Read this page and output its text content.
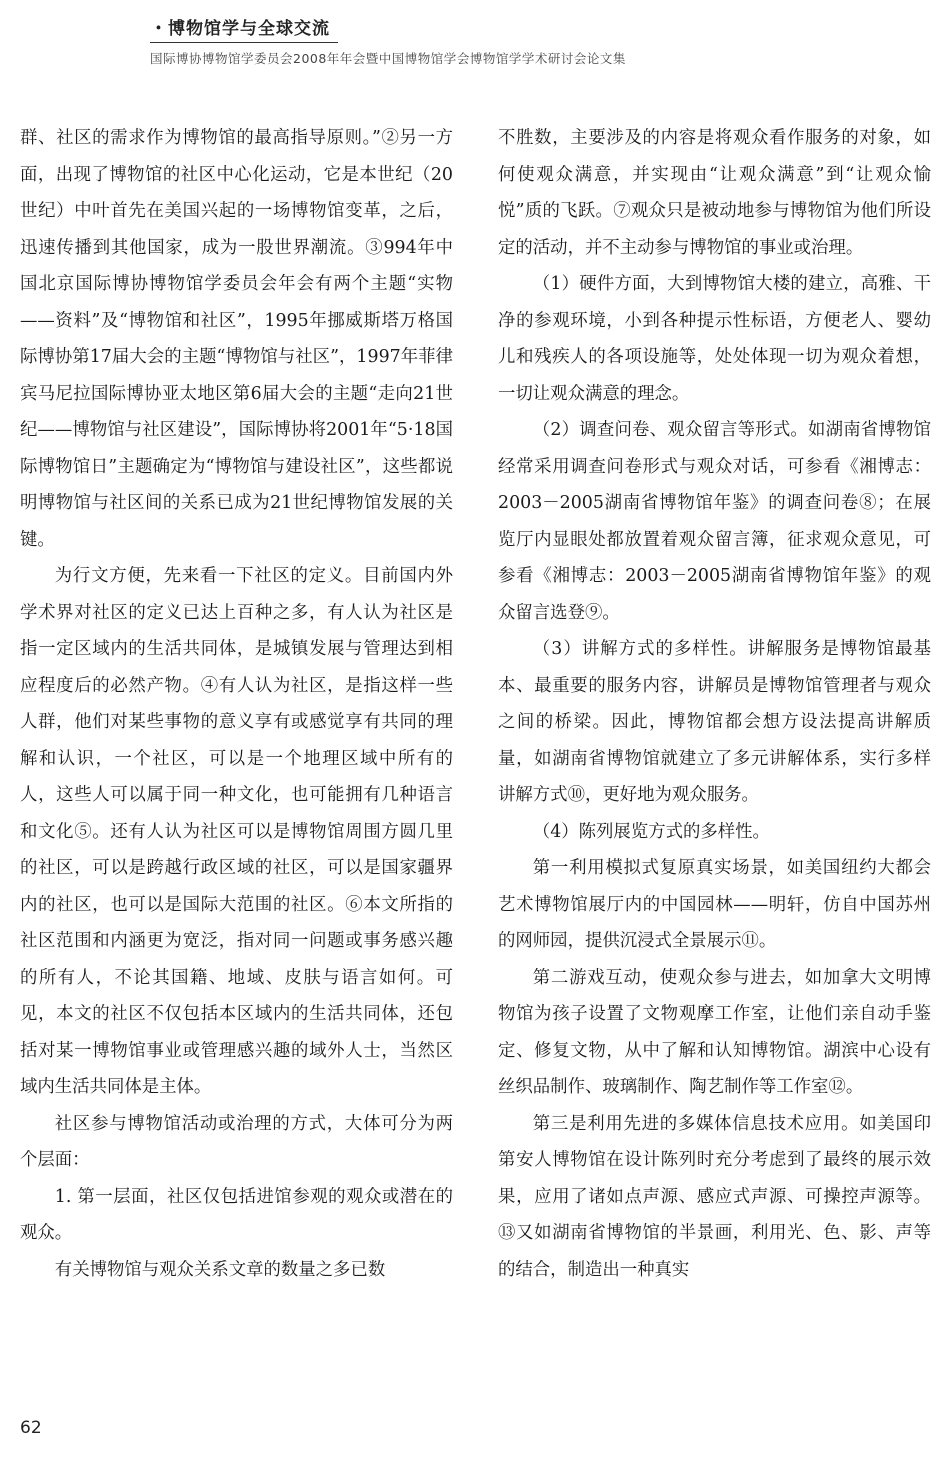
・博物馆学与全球交流
国际博协博物馆学委员会2008年年会暨中国博物馆学会博物馆学学术研讨会论文集

群、社区的需求作为博物馆的最高指导原则。”②另一方面，出现了博物馆的社区中心化运动，它是本世纪（20世纪）中叶首先在美国兴起的一场博物馆变革，之后，迅速传播到其他国家，成为一股世界潮流。③994年中国北京国际博协博物馆学委员会年会有两个主题“实物——资料”及“博物馆和社区”，1995年挪威斯塔万格国际博协第17届大会的主题“博物馆与社区”，1997年菲律宾马尼拉国际博协亚太地区第6届大会的主题“走向21世纪——博物馆与社区建设”，国际博协将2001年“5·18国际博物馆日”主题确定为“博物馆与建设社区”，这些都说明博物馆与社区间的关系已成为21世纪博物馆发展的关键。

为行文方便，先来看一下社区的定义。目前国内外学术界对社区的定义已达上百种之多，有人认为社区是指一定区域内的生活共同体，是城镇发展与管理达到相应程度后的必然产物。④有人认为社区，是指这样一些人群，他们对某些事物的意义享有或感觉享有共同的理解和认识，一个社区，可以是一个地理区域中所有的人，这些人可以属于同一种文化，也可能拥有几种语言和文化⑤。还有人认为社区可以是博物馆周围方圆几里的社区，可以是跨越行政区域的社区，可以是国家疆界内的社区，也可以是国际大范围的社区。⑥本文所指的社区范围和内涵更为宽泛，指对同一问题或事务感兴趣的所有人，不论其国籍、地域、皮肤与语言如何。可见，本文的社区不仅包括本区域内的生活共同体，还包括对某一博物馆事业或管理感兴趣的域外人士，当然区域内生活共同体是主体。

社区参与博物馆活动或治理的方式，大体可分为两个层面：

1. 第一层面，社区仅包括进馆参观的观众或潜在的观众。

有关博物馆与观众关系文章的数量之多已数

不胜数，主要涉及的内容是将观众看作服务的对象，如何使观众满意，并实现由“让观众满意”到“让观众愉悦”质的飞跃。⑦观众只是被动地参与博物馆为他们所设定的活动，并不主动参与博物馆的事业或治理。

（1）硬件方面，大到博物馆大楼的建立，高雅、干净的参观环境，小到各种提示性标语，方便老人、婴幼儿和残疾人的各项设施等，处处体现一切为观众着想，一切让观众满意的理念。

（2）调查问卷、观众留言等形式。如湖南省博物馆经常采用调查问卷形式与观众对话，可参看《湘博志：2003－2005湖南省博物馆年鉴》的调查问卷⑧；在展览厅内显眼处都放置着观众留言簿，征求观众意见，可参看《湘博志：2003－2005湖南省博物馆年鉴》的观众留言选登⑨。

（3）讲解方式的多样性。讲解服务是博物馆最基本、最重要的服务内容，讲解员是博物馆管理者与观众之间的桥梁。因此，博物馆都会想方设法提高讲解质量，如湖南省博物馆就建立了多元讲解体系，实行多样讲解方式⑩，更好地为观众服务。

（4）陈列展览方式的多样性。

第一利用模拟式复原真实场景，如美国纽约大都会艺术博物馆展厅内的中国园林——明轩，仿自中国苏州的网师园，提供沉浸式全景展示⑪。

第二游戏互动，使观众参与进去，如加拿大文明博物馆为孩子设置了文物观摩工作室，让他们亲自动手鉴定、修复文物，从中了解和认知博物馆。湖滨中心设有丝织品制作、玻璃制作、陶艺制作等工作室⑫。

第三是利用先进的多媒体信息技术应用。如美国印第安人博物馆在设计陈列时充分考虑到了最终的展示效果，应用了诸如点声源、感应式声源、可操控声源等。⑬又如湖南省博物馆的半景画，利用光、色、影、声等的结合，制造出一种真实

62
